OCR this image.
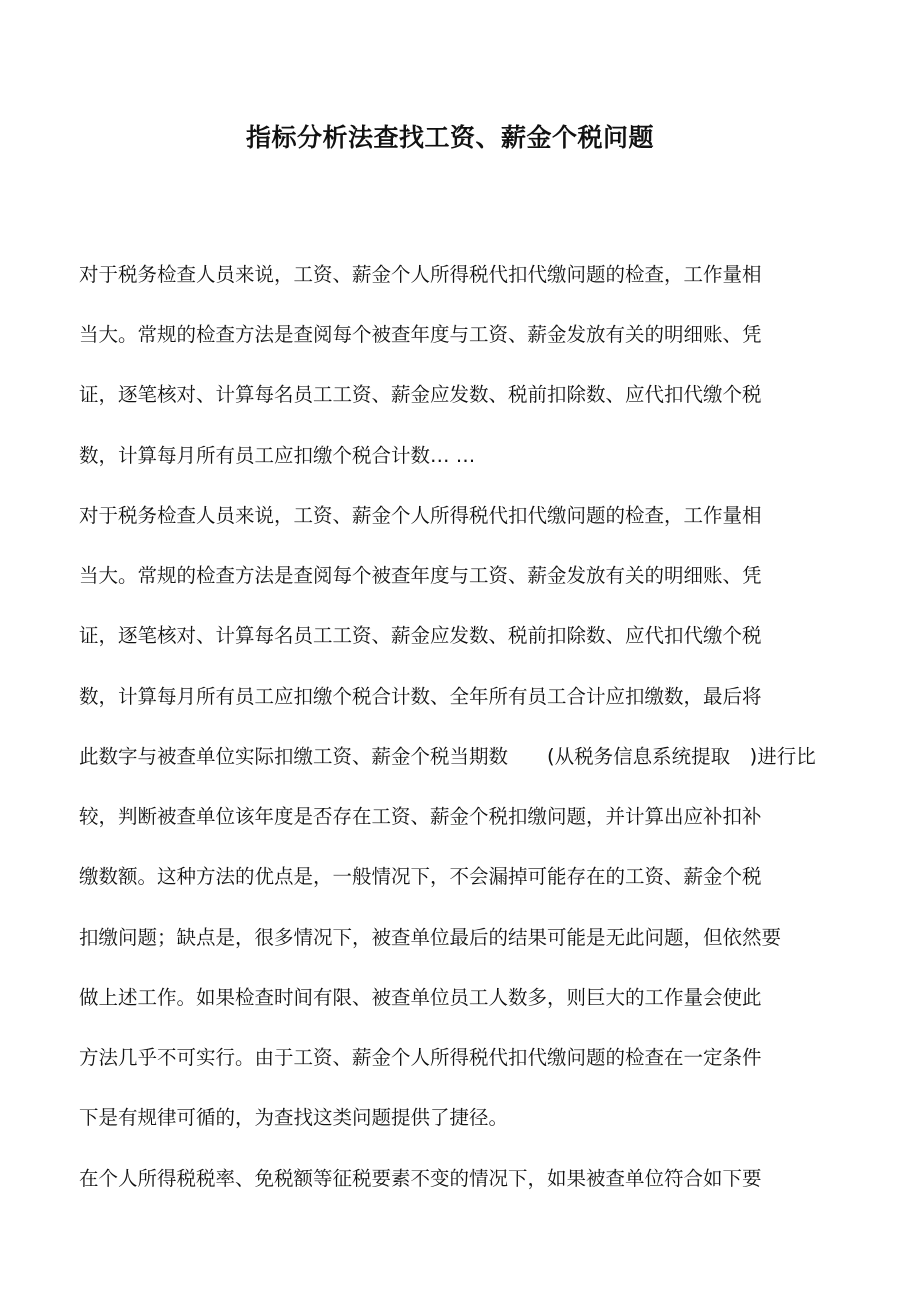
指标分析法查找工资、薪金个税问题

对于税务检查人员来说，工资、薪金个人所得税代扣代缴问题的检查，工作量相

当大。常规的检查方法是查阅每个被查年度与工资、薪金发放有关的明细账、凭

证，逐笔核对、计算每名员工工资、薪金应发数、税前扣除数、应代扣代缴个税

数，计算每月所有员工应扣缴个税合计数… …

对于税务检查人员来说，工资、薪金个人所得税代扣代缴问题的检查，工作量相

当大。常规的检查方法是查阅每个被查年度与工资、薪金发放有关的明细账、凭

证，逐笔核对、计算每名员工工资、薪金应发数、税前扣除数、应代扣代缴个税

数，计算每月所有员工应扣缴个税合计数、全年所有员工合计应扣缴数，最后将

此数字与被查单位实际扣缴工资、薪金个税当期数　　(从税务信息系统提取　)进行比

较，判断被查单位该年度是否存在工资、薪金个税扣缴问题，并计算出应补扣补

缴数额。这种方法的优点是，一般情况下，不会漏掉可能存在的工资、薪金个税

扣缴问题；缺点是，很多情况下，被查单位最后的结果可能是无此问题，但依然要

做上述工作。如果检查时间有限、被查单位员工人数多，则巨大的工作量会使此

方法几乎不可实行。由于工资、薪金个人所得税代扣代缴问题的检查在一定条件

下是有规律可循的，为查找这类问题提供了捷径。

在个人所得税税率、免税额等征税要素不变的情况下，如果被查单位符合如下要
